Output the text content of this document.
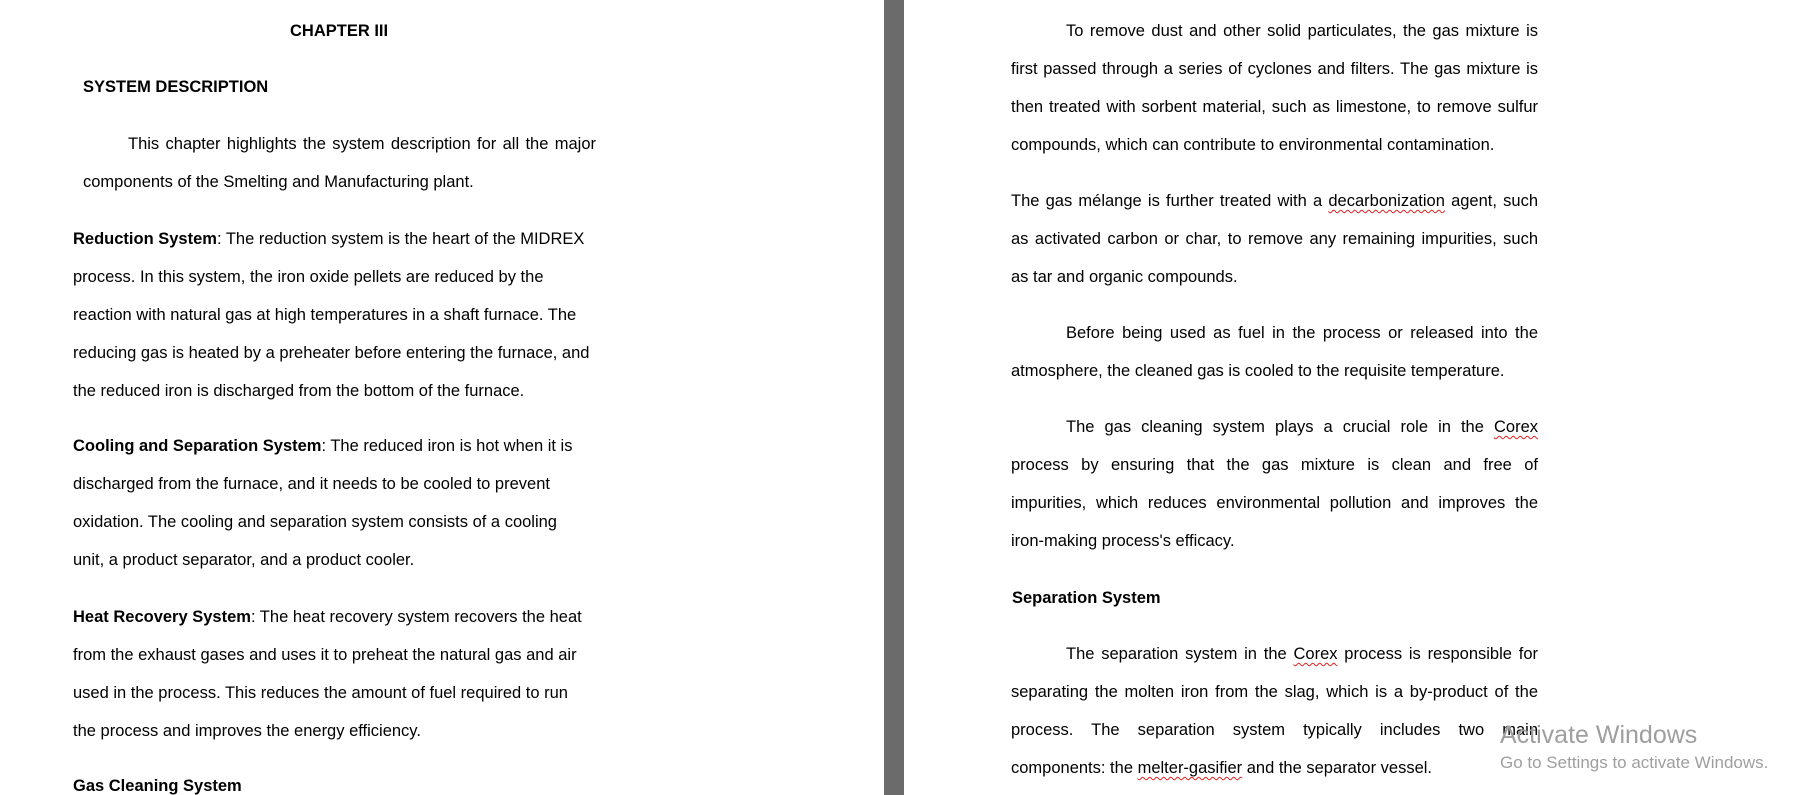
CHAPTER III
SYSTEM DESCRIPTION
This chapter highlights the system description for all the major
components of the Smelting and Manufacturing plant.
Reduction System: The reduction system is the heart of the MIDREX
process. In this system, the iron oxide pellets are reduced by the
reaction with natural gas at high temperatures in a shaft furnace. The
reducing gas is heated by a preheater before entering the furnace, and
the reduced iron is discharged from the bottom of the furnace.
Cooling and Separation System: The reduced iron is hot when it is
discharged from the furnace, and it needs to be cooled to prevent
oxidation. The cooling and separation system consists of a cooling
unit, a product separator, and a product cooler.
Heat Recovery System: The heat recovery system recovers the heat
from the exhaust gases and uses it to preheat the natural gas and air
used in the process. This reduces the amount of fuel required to run
the process and improves the energy efficiency.
Gas Cleaning System
To remove dust and other solid particulates, the gas mixture is
first passed through a series of cyclones and filters. The gas mixture is
then treated with sorbent material, such as limestone, to remove sulfur
compounds, which can contribute to environmental contamination.
The gas mélange is further treated with a decarbonization agent, such
as activated carbon or char, to remove any remaining impurities, such
as tar and organic compounds.
Before being used as fuel in the process or released into the
atmosphere, the cleaned gas is cooled to the requisite temperature.
The gas cleaning system plays a crucial role in the Corex
process by ensuring that the gas mixture is clean and free of
impurities, which reduces environmental pollution and improves the
iron-making process's efficacy.
Separation System
The separation system in the Corex process is responsible for
separating the molten iron from the slag, which is a by-product of the
process. The separation system typically includes two main
components: the melter-gasifier and the separator vessel.
Activate Windows
Go to Settings to activate Windows.
